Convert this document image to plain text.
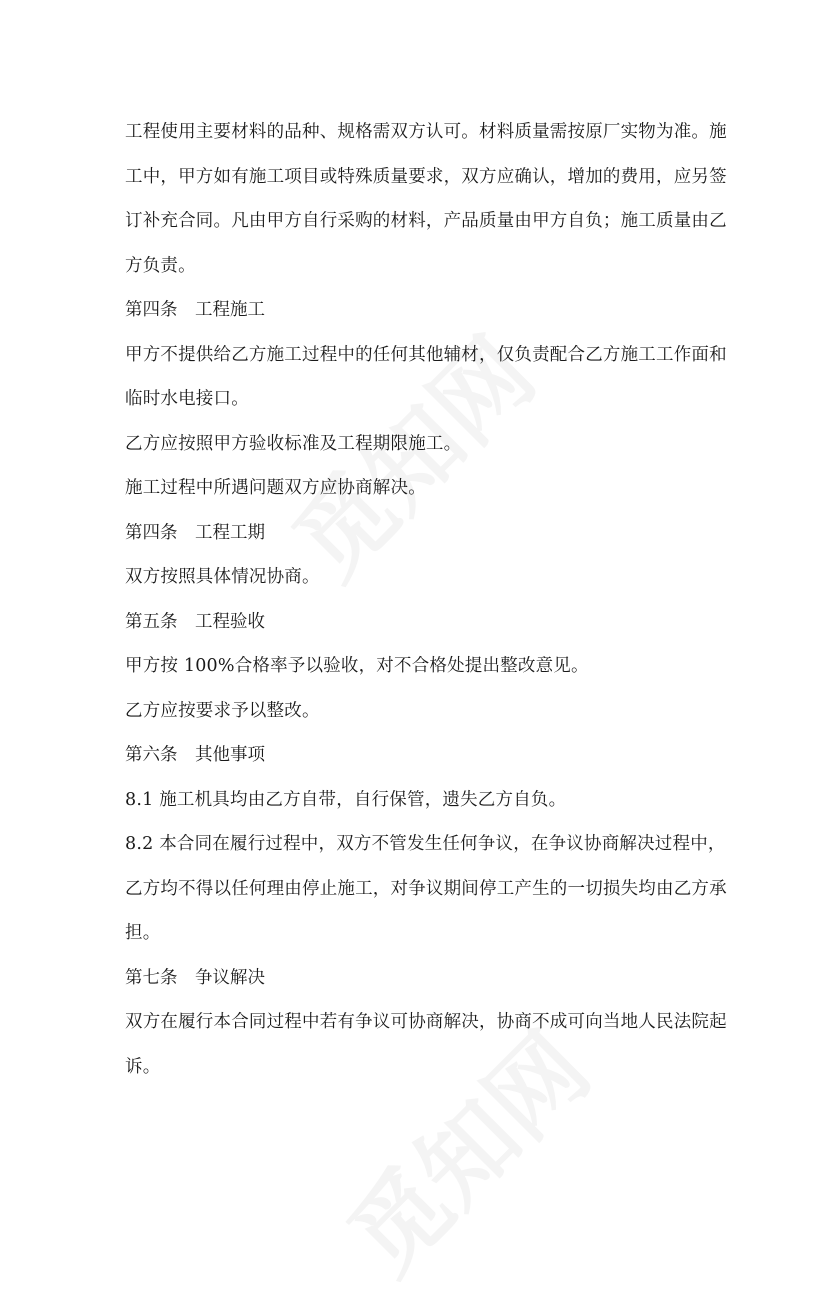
工程使用主要材料的品种、规格需双方认可。材料质量需按原厂实物为准。施
工中，甲方如有施工项目或特殊质量要求，双方应确认，增加的费用，应另签
订补充合同。凡由甲方自行采购的材料，产品质量由甲方自负；施工质量由乙
方负责。

第四条　工程施工

甲方不提供给乙方施工过程中的任何其他辅材，仅负责配合乙方施工工作面和
临时水电接口。

乙方应按照甲方验收标准及工程期限施工。

施工过程中所遇问题双方应协商解决。

第四条　工程工期

双方按照具体情况协商。

第五条　工程验收

甲方按 100%合格率予以验收，对不合格处提出整改意见。

乙方应按要求予以整改。

第六条　其他事项

8.1 施工机具均由乙方自带，自行保管，遗失乙方自负。

8.2 本合同在履行过程中，双方不管发生任何争议，在争议协商解决过程中，
乙方均不得以任何理由停止施工，对争议期间停工产生的一切损失均由乙方承
担。

第七条　争议解决

双方在履行本合同过程中若有争议可协商解决，协商不成可向当地人民法院起
诉。
